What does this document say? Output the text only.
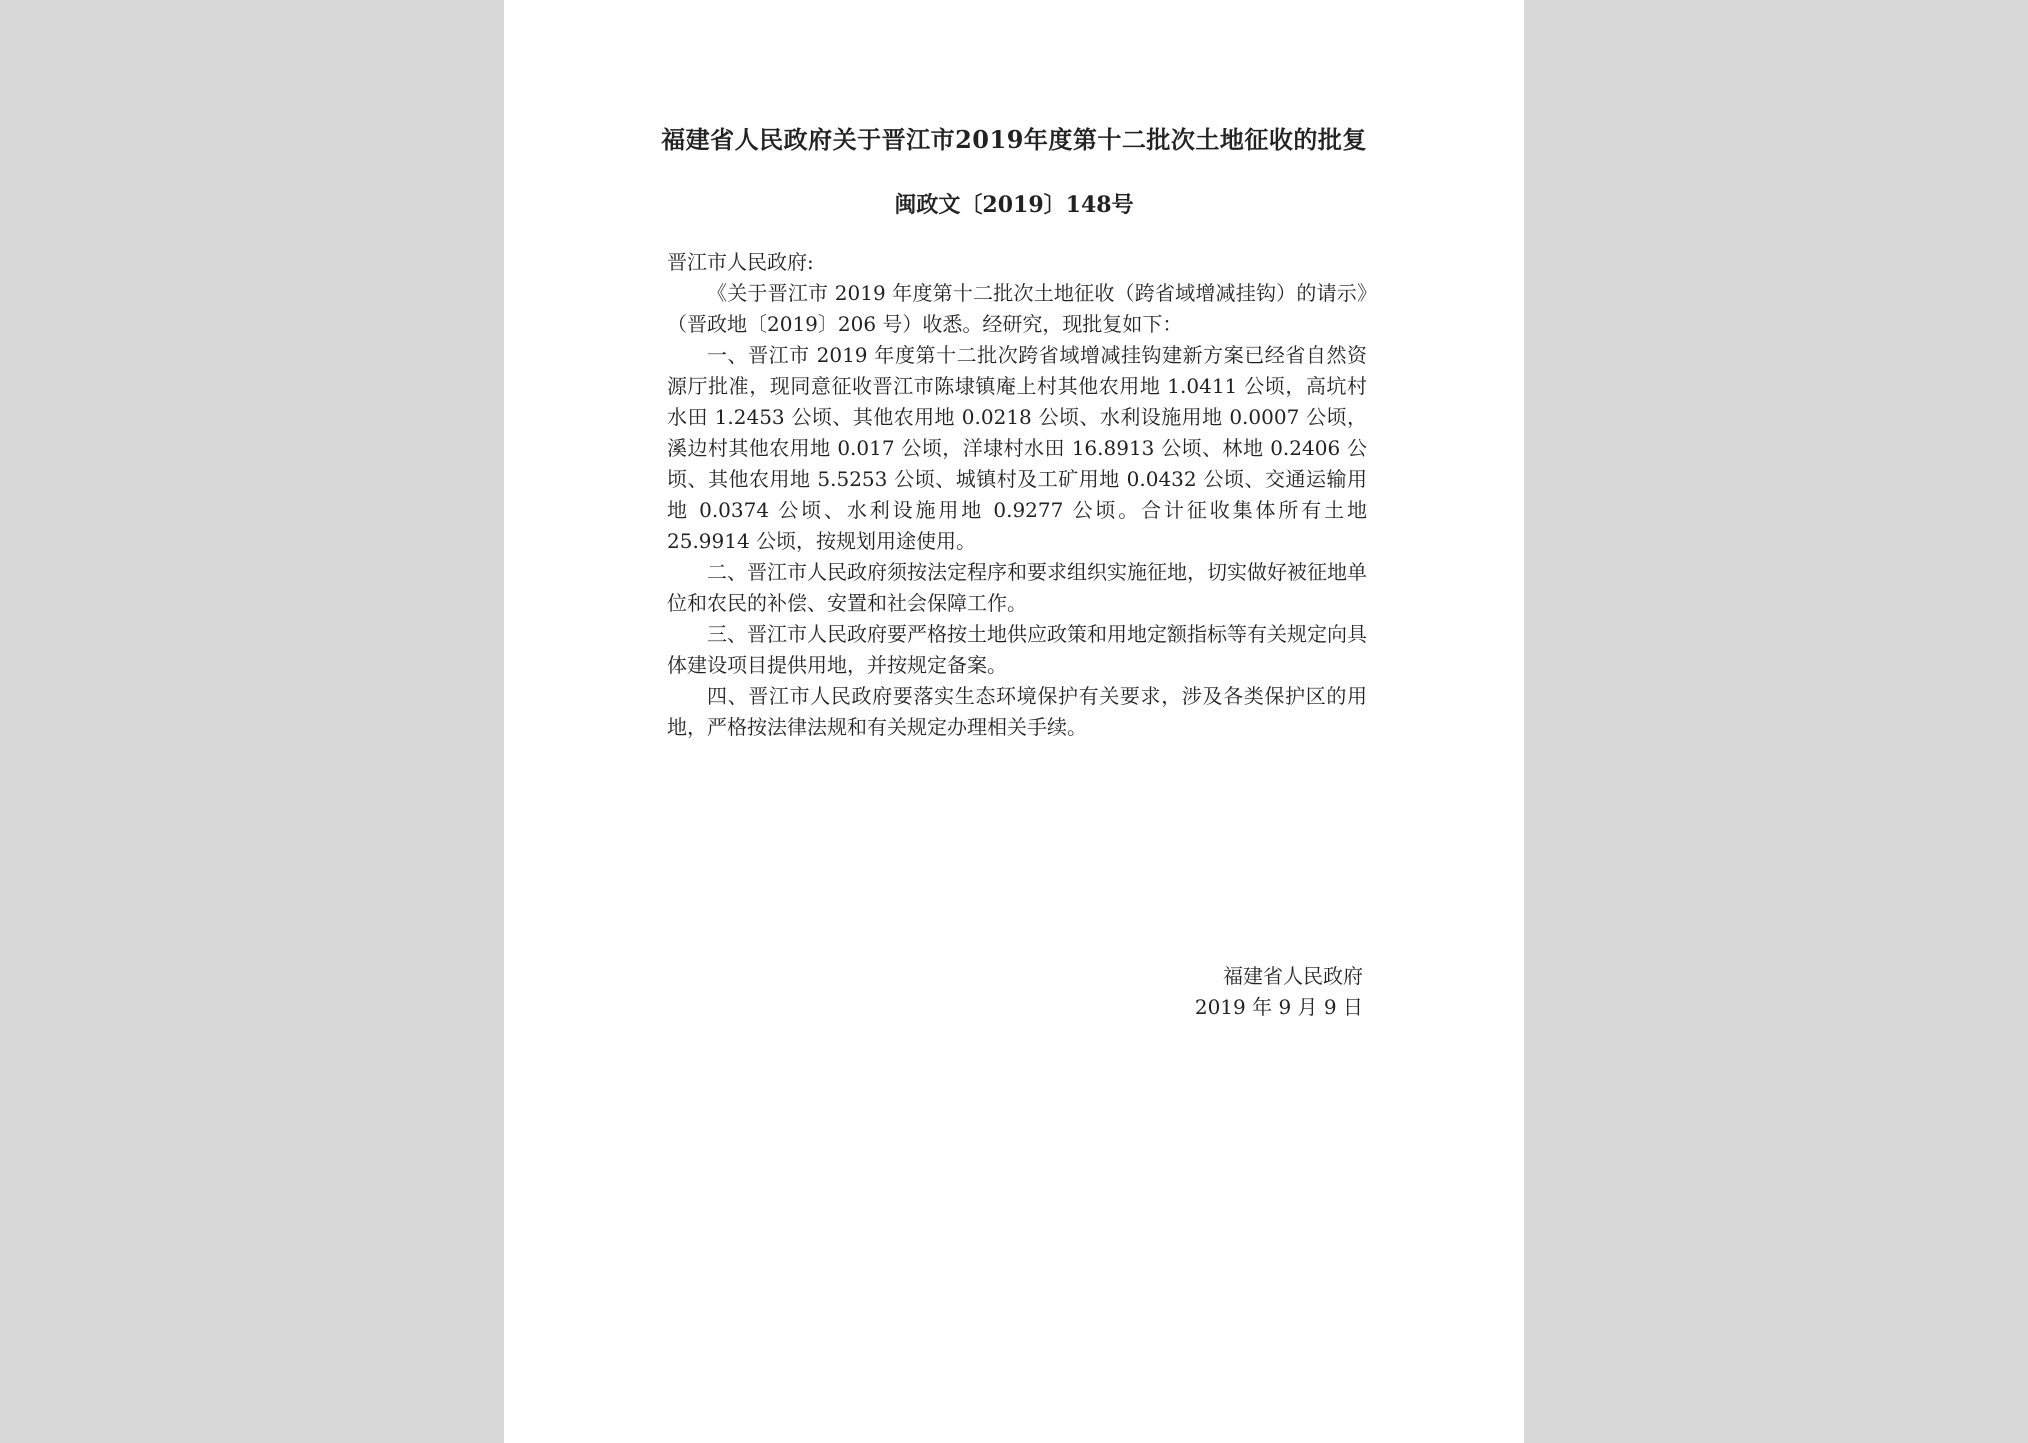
福建省人民政府关于晋江市2019年度第十二批次土地征收的批复
闽政文〔2019〕148号

晋江市人民政府:

《关于晋江市 2019 年度第十二批次土地征收（跨省域增减挂钩）的请示》（晋政地〔2019〕206 号）收悉。经研究，现批复如下：

一、晋江市 2019 年度第十二批次跨省域增减挂钩建新方案已经省自然资源厅批准，现同意征收晋江市陈埭镇庵上村其他农用地 1.0411 公顷，高坑村水田 1.2453 公顷、其他农用地 0.0218 公顷、水利设施用地 0.0007 公顷，溪边村其他农用地 0.017 公顷，洋埭村水田 16.8913 公顷、林地 0.2406 公顷、其他农用地 5.5253 公顷、城镇村及工矿用地 0.0432 公顷、交通运输用地 0.0374 公顷、水利设施用地 0.9277 公顷。合计征收集体所有土地 25.9914 公顷，按规划用途使用。

二、晋江市人民政府须按法定程序和要求组织实施征地，切实做好被征地单位和农民的补偿、安置和社会保障工作。

三、晋江市人民政府要严格按土地供应政策和用地定额指标等有关规定向具体建设项目提供用地，并按规定备案。

四、晋江市人民政府要落实生态环境保护有关要求，涉及各类保护区的用地，严格按法律法规和有关规定办理相关手续。

福建省人民政府
2019 年 9 月 9 日
